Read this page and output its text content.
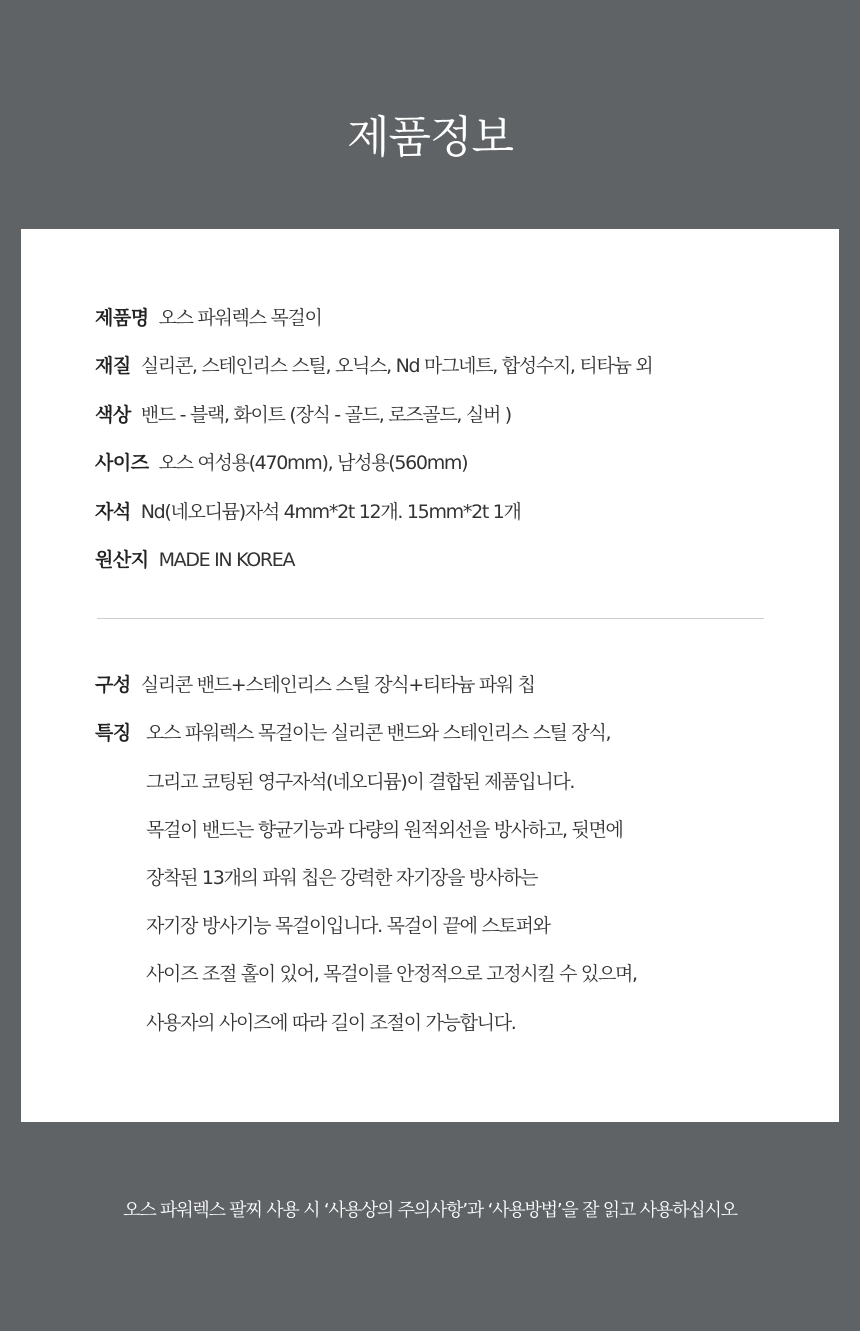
제품정보
제품명 오스 파워렉스 목걸이
재질 실리콘, 스테인리스 스틸, 오닉스, Nd 마그네트, 합성수지, 티타늄 외
색상 밴드 - 블랙, 화이트 (장식 - 골드, 로즈골드, 실버 )
사이즈 오스 여성용(470mm), 남성용(560mm)
자석 Nd(네오디뮴)자석 4mm*2t 12개. 15mm*2t 1개
원산지 MADE IN KOREA
구성 실리콘 밴드+스테인리스 스틸 장식+티타늄 파워 칩
특징 오스 파워렉스 목걸이는 실리콘 밴드와 스테인리스 스틸 장식,
그리고 코팅된 영구자석(네오디뮴)이 결합된 제품입니다.
목걸이 밴드는 향균기능과 다량의 원적외선을 방사하고, 뒷면에
장착된 13개의 파워 칩은 강력한 자기장을 방사하는
자기장 방사기능 목걸이입니다. 목걸이 끝에 스토퍼와
사이즈 조절 홀이 있어, 목걸이를 안정적으로 고정시킬 수 있으며,
사용자의 사이즈에 따라 길이 조절이 가능합니다.
오스 파워렉스 팔찌 사용 시 ‘사용상의 주의사항’과 ‘사용방법’을 잘 읽고 사용하십시오
